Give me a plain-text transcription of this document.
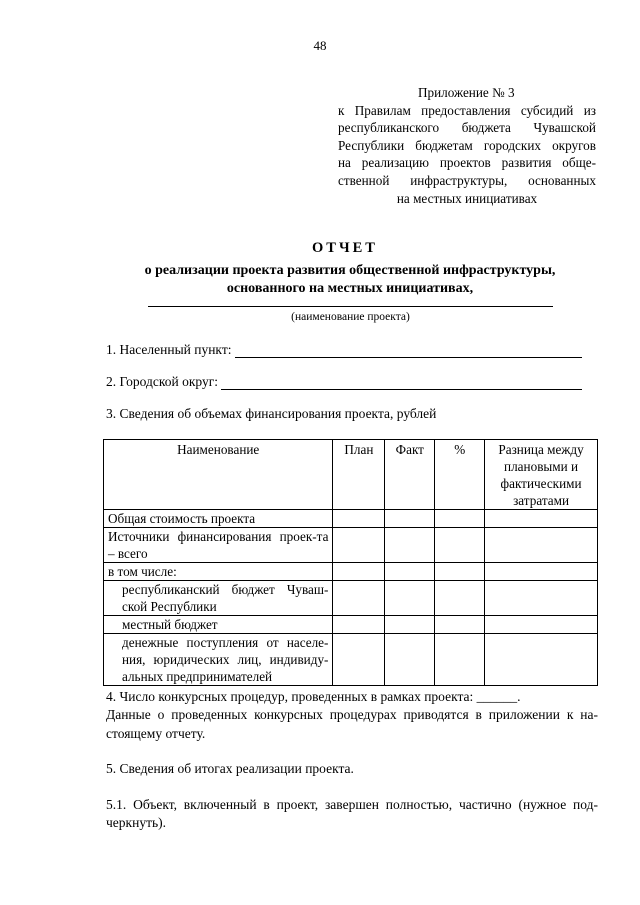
48
Приложение № 3
к Правилам предоставления субсидий из
республиканского бюджета Чувашской
Республики бюджетам городских округов
на реализацию проектов развития обще-
ственной инфраструктуры, основанных
на местных инициативах
ОТЧЕТ
о реализации проекта развития общественной инфраструктуры,
основанного на местных инициативах,
(наименование проекта)
1. Населенный пункт:
2. Городской округ:
3. Сведения об объемах финансирования проекта, рублей
Наименование	План	Факт	%	Разница между плановыми и фактическими затратами
Общая стоимость проекта				
Источники финансирования проек-та – всего				
в том числе:				
республиканский бюджет Чуваш-ской Республики				
местный бюджет				
денежные поступления от населе-ния, юридических лиц, индивиду-альных предпринимателей				
4. Число конкурсных процедур, проведенных в рамках проекта: ______.
Данные о проведенных конкурсных процедурах приводятся в приложении к на-
стоящему отчету.
5. Сведения об итогах реализации проекта.
5.1. Объект, включенный в проект, завершен полностью, частично (нужное под-
черкнуть).
